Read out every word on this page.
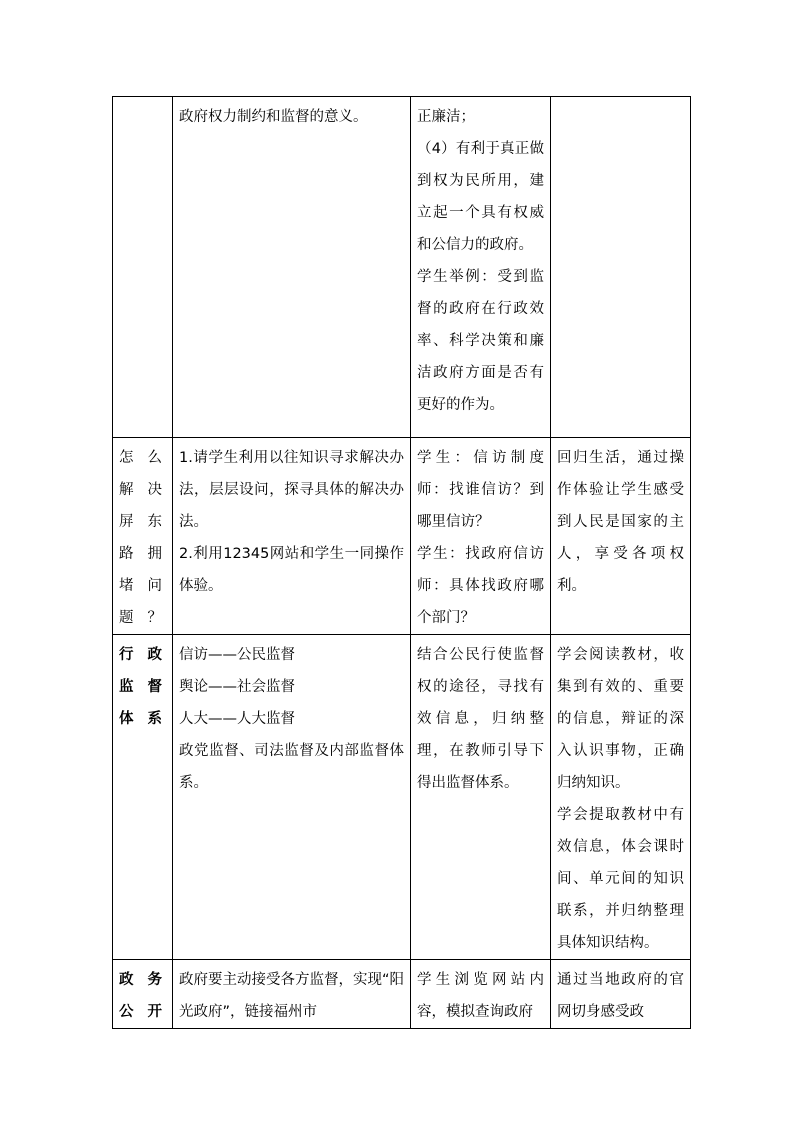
	政府权力制约和监督的意义。	正廉洁；
（4）有利于真正做到权为民所用，建立起一个具有权威和公信力的政府。
学生举例：受到监督的政府在行政效率、科学决策和廉洁政府方面是否有更好的作为。	

怎么解决屏东路拥堵问题？	1.请学生利用以往知识寻求解决办法，层层设问，探寻具体的解决办法。
2.利用12345网站和学生一同操作体验。	学生：信访制度师：找谁信访？到哪里信访？
学生：找政府信访师：具体找政府哪个部门？	回归生活，通过操作体验让学生感受到人民是国家的主人，享受各项权利。

行政监督体系	信访——公民监督
舆论——社会监督
人大——人大监督
政党监督、司法监督及内部监督体系。	结合公民行使监督权的途径，寻找有效信息，归纳整理，在教师引导下得出监督体系。	学会阅读教材，收集到有效的、重要的信息，辩证的深入认识事物，正确归纳知识。
学会提取教材中有效信息，体会课时间、单元间的知识联系，并归纳整理具体知识结构。

政务公开	政府要主动接受各方监督，实现“阳光政府”，链接福州市	学生浏览网站内容，模拟查询政府	通过当地政府的官网切身感受政
